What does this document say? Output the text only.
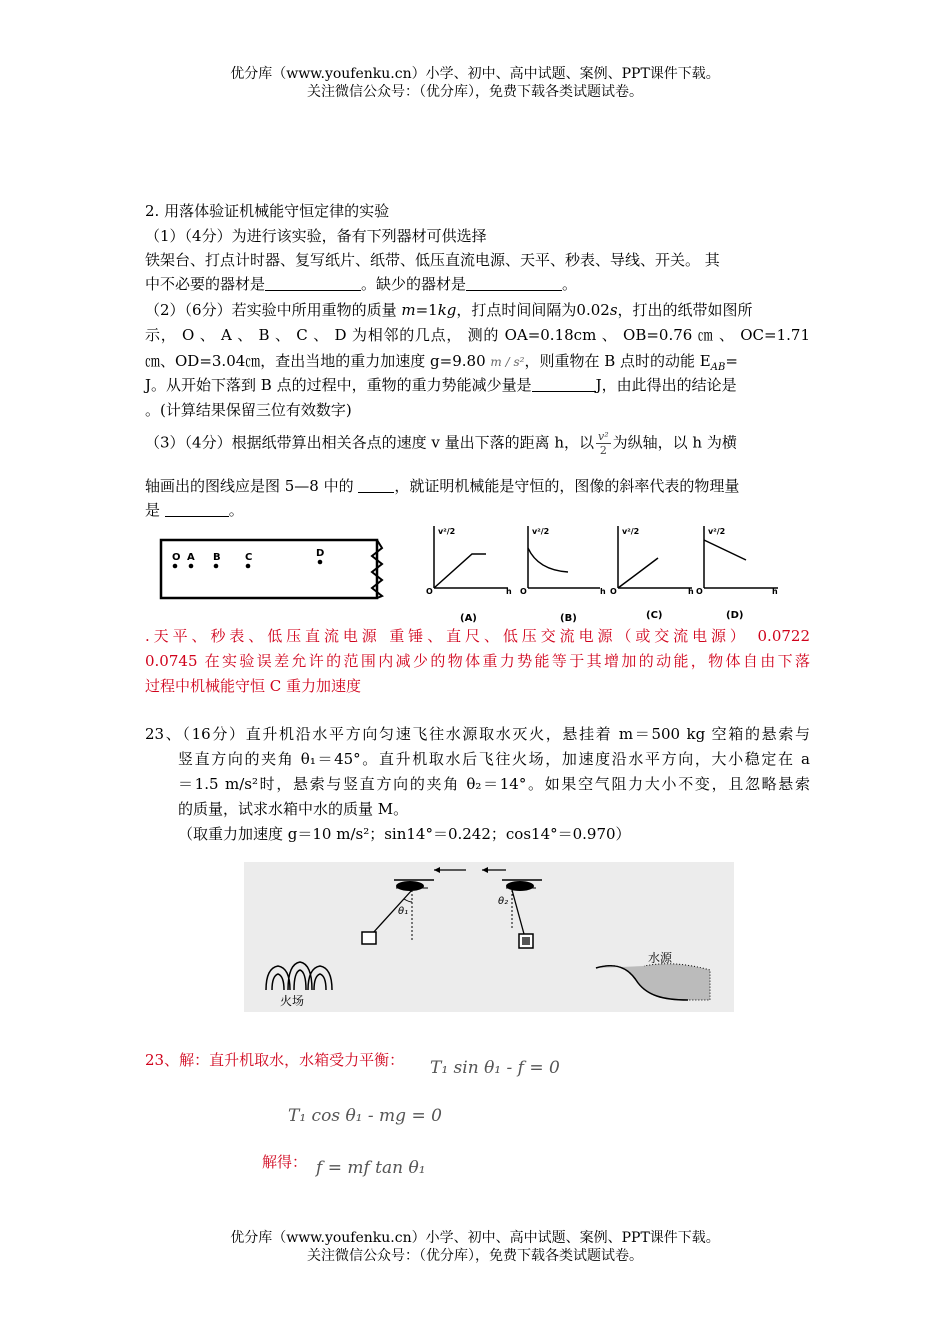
优分库（www.youfenku.cn）小学、初中、高中试题、案例、PPT课件下载。
关注微信公众号：（优分库），免费下载各类试题试卷。
2. 用落体验证机械能守恒定律的实验
（1）（4分）为进行该实验，备有下列器材可供选择
铁架台、打点计时器、复写纸片、纸带、低压直流电源、天平、秒表、导线、开关。 其
中不必要的器材是	。缺少的器材是	。
（2）（6分）若实验中所用重物的质量 m=1kg，打点时间间隔为0.02s，打出的纸带如图所
示， O 、 A 、 B 、 C 、 D 为相邻的几点， 测的 OA=0.18cm 、 OB=0.76 ㎝ 、 OC=1.71
㎝、OD=3.04㎝，查出当地的重力加速度 g=9.80 m / s²，则重物在 B 点时的动能 $E_{AB}=$
J。从开始下落到 B 点的过程中，重物的重力势能减少量是	J，由此得出的结论是
。(计算结果保留三位有效数字)
（3）（4分）根据纸带算出相关各点的速度 v 量出下落的距离 h，以 $\frac{\text{v²}}{2}$ 为纵轴，以 h 为横
轴画出的图线应是图 5—8 中的	，就证明机械能是守恒的，图像的斜率代表的物理量
是	。
O A B C	D
v²/2
O	h
(A)
v²/2
O	h
(B)
v²/2
O	h
(C)
v²/2
O	h
(D)
.天平、秒表、低压直流电源 重锤、直尺、低压交流电源（或交流电源） 0.0722
0.0745 在实验误差允许的范围内减少的物体重力势能等于其增加的动能，物体自由下落
过程中机械能守恒 C 重力加速度
23、（16分）直升机沿水平方向匀速飞往水源取水灭火，悬挂着 m＝500 kg 空箱的悬索与
竖直方向的夹角 θ₁＝45°。直升机取水后飞往火场，加速度沿水平方向，大小稳定在 a
＝1.5 m/s²时，悬索与竖直方向的夹角 θ₂＝14°。如果空气阻力大小不变，且忽略悬索
的质量，试求水箱中水的质量 M。
（取重力加速度 g＝10 m/s²；sin14°＝0.242；cos14°＝0.970）
θ₁
θ₂
水源
火场
23、解：直升机取水，水箱受力平衡：	T₁ sin θ₁ - f = 0
T₁ cos θ₁ - mg = 0
解得： f = mf tan θ₁
优分库（www.youfenku.cn）小学、初中、高中试题、案例、PPT课件下载。
关注微信公众号：（优分库），免费下载各类试题试卷。
